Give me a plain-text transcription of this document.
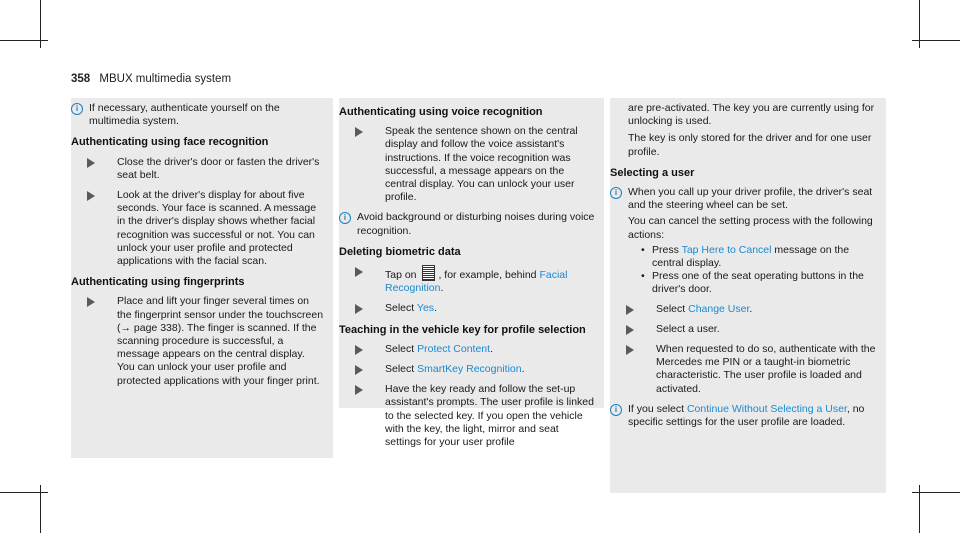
358 MBUX multimedia system
i	If necessary, authenticate yourself on the multimedia system.
Authenticating using face recognition
Close the driver's door or fasten the driver's seat belt.
Look at the driver's display for about five seconds. Your face is scanned. A message in the driver's display shows whether facial recognition was successful or not. You can unlock your user profile and protected applications with the facial scan.
Authenticating using fingerprints
Place and lift your finger several times on the fingerprint sensor under the touchscreen (→ page 338). The finger is scanned. If the scanning procedure is successful, a message appears on the central display. You can unlock your user profile and protected applications with your finger print.
Authenticating using voice recognition
Speak the sentence shown on the central display and follow the voice assistant's instructions. If the voice recognition was successful, a message appears on the central display. You can unlock your user profile.
i	Avoid background or disturbing noises during voice recognition.
Deleting biometric data
Tap on , for example, behind Facial Recognition.
Select Yes.
Teaching in the vehicle key for profile selection
Select Protect Content.
Select SmartKey Recognition.
Have the key ready and follow the set-up assistant's prompts. The user profile is linked to the selected key. If you open the vehicle with the key, the light, mirror and seat settings for your user profile
are pre-activated. The key you are currently using for unlocking is used.
The key is only stored for the driver and for one user profile.
Selecting a user
i	When you call up your driver profile, the driver's seat and the steering wheel can be set.
You can cancel the setting process with the following actions:
• Press Tap Here to Cancel message on the central display.
• Press one of the seat operating buttons in the driver's door.
Select Change User.
Select a user.
When requested to do so, authenticate with the Mercedes me PIN or a taught-in biometric characteristic. The user profile is loaded and activated.
i	If you select Continue Without Selecting a User, no specific settings for the user profile are loaded.
